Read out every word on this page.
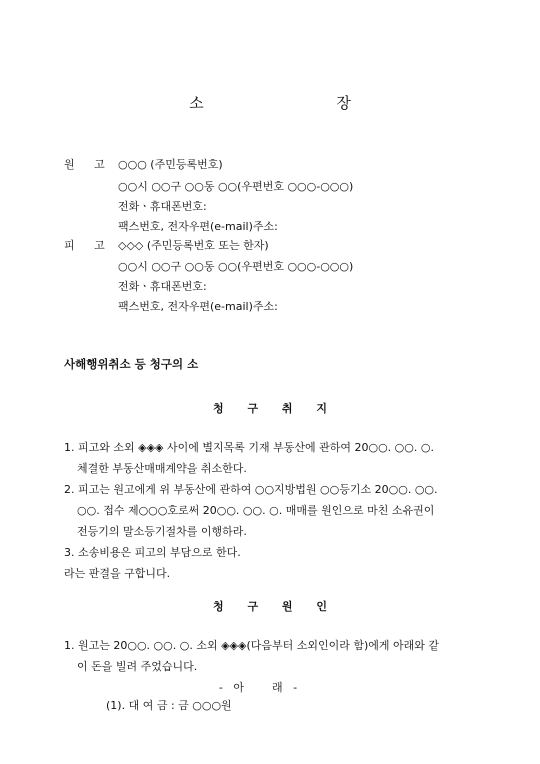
소 장
원 고 ○○○ (주민등록번호)
○○시 ○○구 ○○동 ○○(우편번호 ○○○-○○○)
전화ㆍ휴대폰번호:
팩스번호, 전자우편(e-mail)주소:
피 고 ◇◇◇ (주민등록번호 또는 한자)
○○시 ○○구 ○○동 ○○(우편번호 ○○○-○○○)
전화ㆍ휴대폰번호:
팩스번호, 전자우편(e-mail)주소:
사해행위취소 등 청구의 소
청 구 취 지
1. 피고와 소외 ◈◈◈ 사이에 별지목록 기재 부동산에 관하여 20○○. ○○. ○.
체결한 부동산매매계약을 취소한다.
2. 피고는 원고에게 위 부동산에 관하여 ○○지방법원 ○○등기소 20○○. ○○.
○○. 접수 제○○○호로써 20○○. ○○. ○. 매매를 원인으로 마친 소유권이
전등기의 말소등기절차를 이행하라.
3. 소송비용은 피고의 부담으로 한다.
라는 판결을 구합니다.
청 구 원 인
1. 원고는 20○○. ○○. ○. 소외 ◈◈◈(다음부터 소외인이라 함)에게 아래와 같
이 돈을 빌려 주었습니다.
-   아        래   -
(1). 대 여 금 : 금 ○○○원
